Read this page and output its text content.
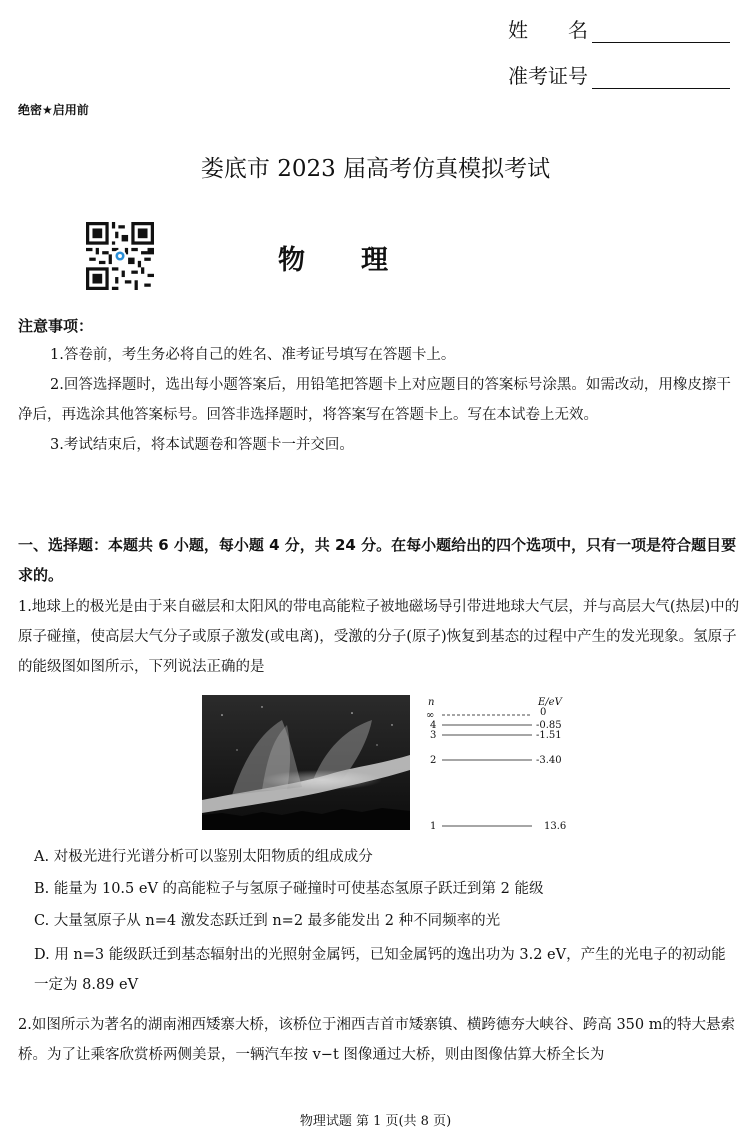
姓　　名
准考证号
绝密★启用前
娄底市 2023 届高考仿真模拟考试
物理
注意事项：
1.答卷前，考生务必将自己的姓名、准考证号填写在答题卡上。
2.回答选择题时，选出每小题答案后，用铅笔把答题卡上对应题目的答案标号涂黑。如需改动，用橡皮擦干净后，再选涂其他答案标号。回答非选择题时，将答案写在答题卡上。写在本试卷上无效。
3.考试结束后，将本试题卷和答题卡一并交回。
一、选择题：本题共 6 小题，每小题 4 分，共 24 分。在每小题给出的四个选项中，只有一项是符合题目要求的。
1.地球上的极光是由于来自磁层和太阳风的带电高能粒子被地磁场导引带进地球大气层，并与高层大气(热层)中的原子碰撞，使高层大气分子或原子激发(或电离)，受激的分子(原子)恢复到基态的过程中产生的发光现象。氢原子的能级图如图所示，下列说法正确的是
n	E/eV
∞	0
4	-0.85
3	-1.51
2	-3.40
1	13.6
A. 对极光进行光谱分析可以鉴别太阳物质的组成成分
B. 能量为 10.5 eV 的高能粒子与氢原子碰撞时可使基态氢原子跃迁到第 2 能级
C. 大量氢原子从 n=4 激发态跃迁到 n=2 最多能发出 2 种不同频率的光
D. 用 n=3 能级跃迁到基态辐射出的光照射金属钙，已知金属钙的逸出功为 3.2 eV，产生的光电子的初动能一定为 8.89 eV
2.如图所示为著名的湖南湘西矮寨大桥，该桥位于湘西吉首市矮寨镇、横跨德夯大峡谷、跨高 350 m的特大悬索桥。为了让乘客欣赏桥两侧美景，一辆汽车按 v−t 图像通过大桥，则由图像估算大桥全长为
物理试题 第 1 页(共 8 页)
